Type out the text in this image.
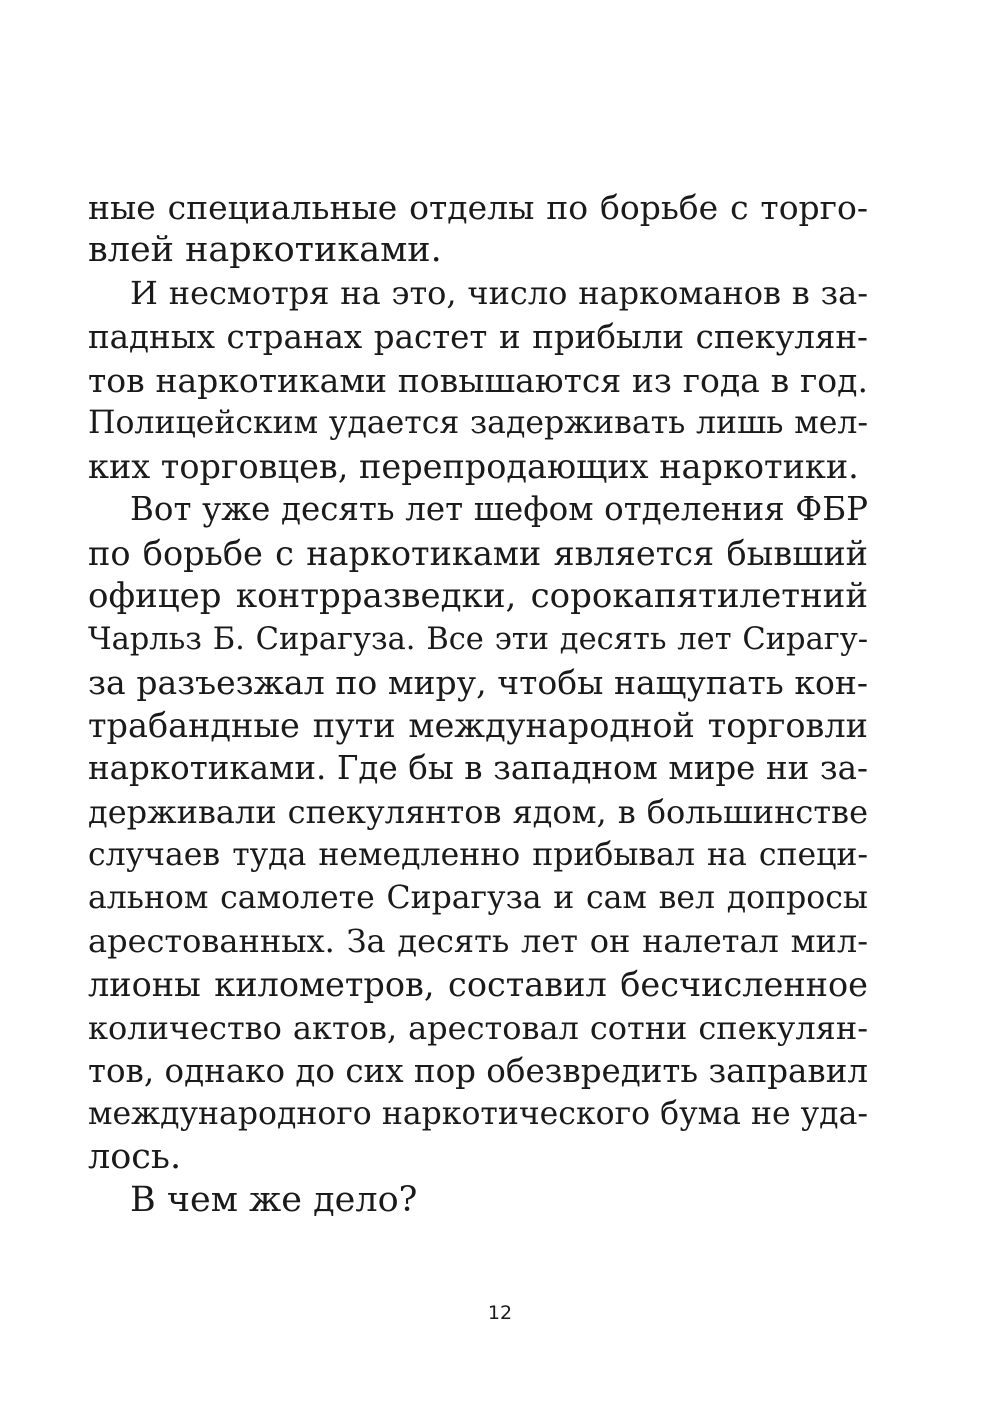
ные специальные отделы по борьбе с торго-
влей наркотиками.
И несмотря на это, число наркоманов в за-
падных странах растет и прибыли спекулян-
тов наркотиками повышаются из года в год.
Полицейским удается задерживать лишь мел-
ких торговцев, перепродающих наркотики.
Вот уже десять лет шефом отделения ФБР
по борьбе с наркотиками является бывший
офицер контрразведки, сорокапятилетний
Чарльз Б. Сирагуза. Все эти десять лет Сирагу-
за разъезжал по миру, чтобы нащупать кон-
трабандные пути международной торговли
наркотиками. Где бы в западном мире ни за-
держивали спекулянтов ядом, в большинстве
случаев туда немедленно прибывал на специ-
альном самолете Сирагуза и сам вел допросы
арестованных. За десять лет он налетал мил-
лионы километров, составил бесчисленное
количество актов, арестовал сотни спекулян-
тов, однако до сих пор обезвредить заправил
международного наркотического бума не уда-
лось.
В чем же дело?
12
